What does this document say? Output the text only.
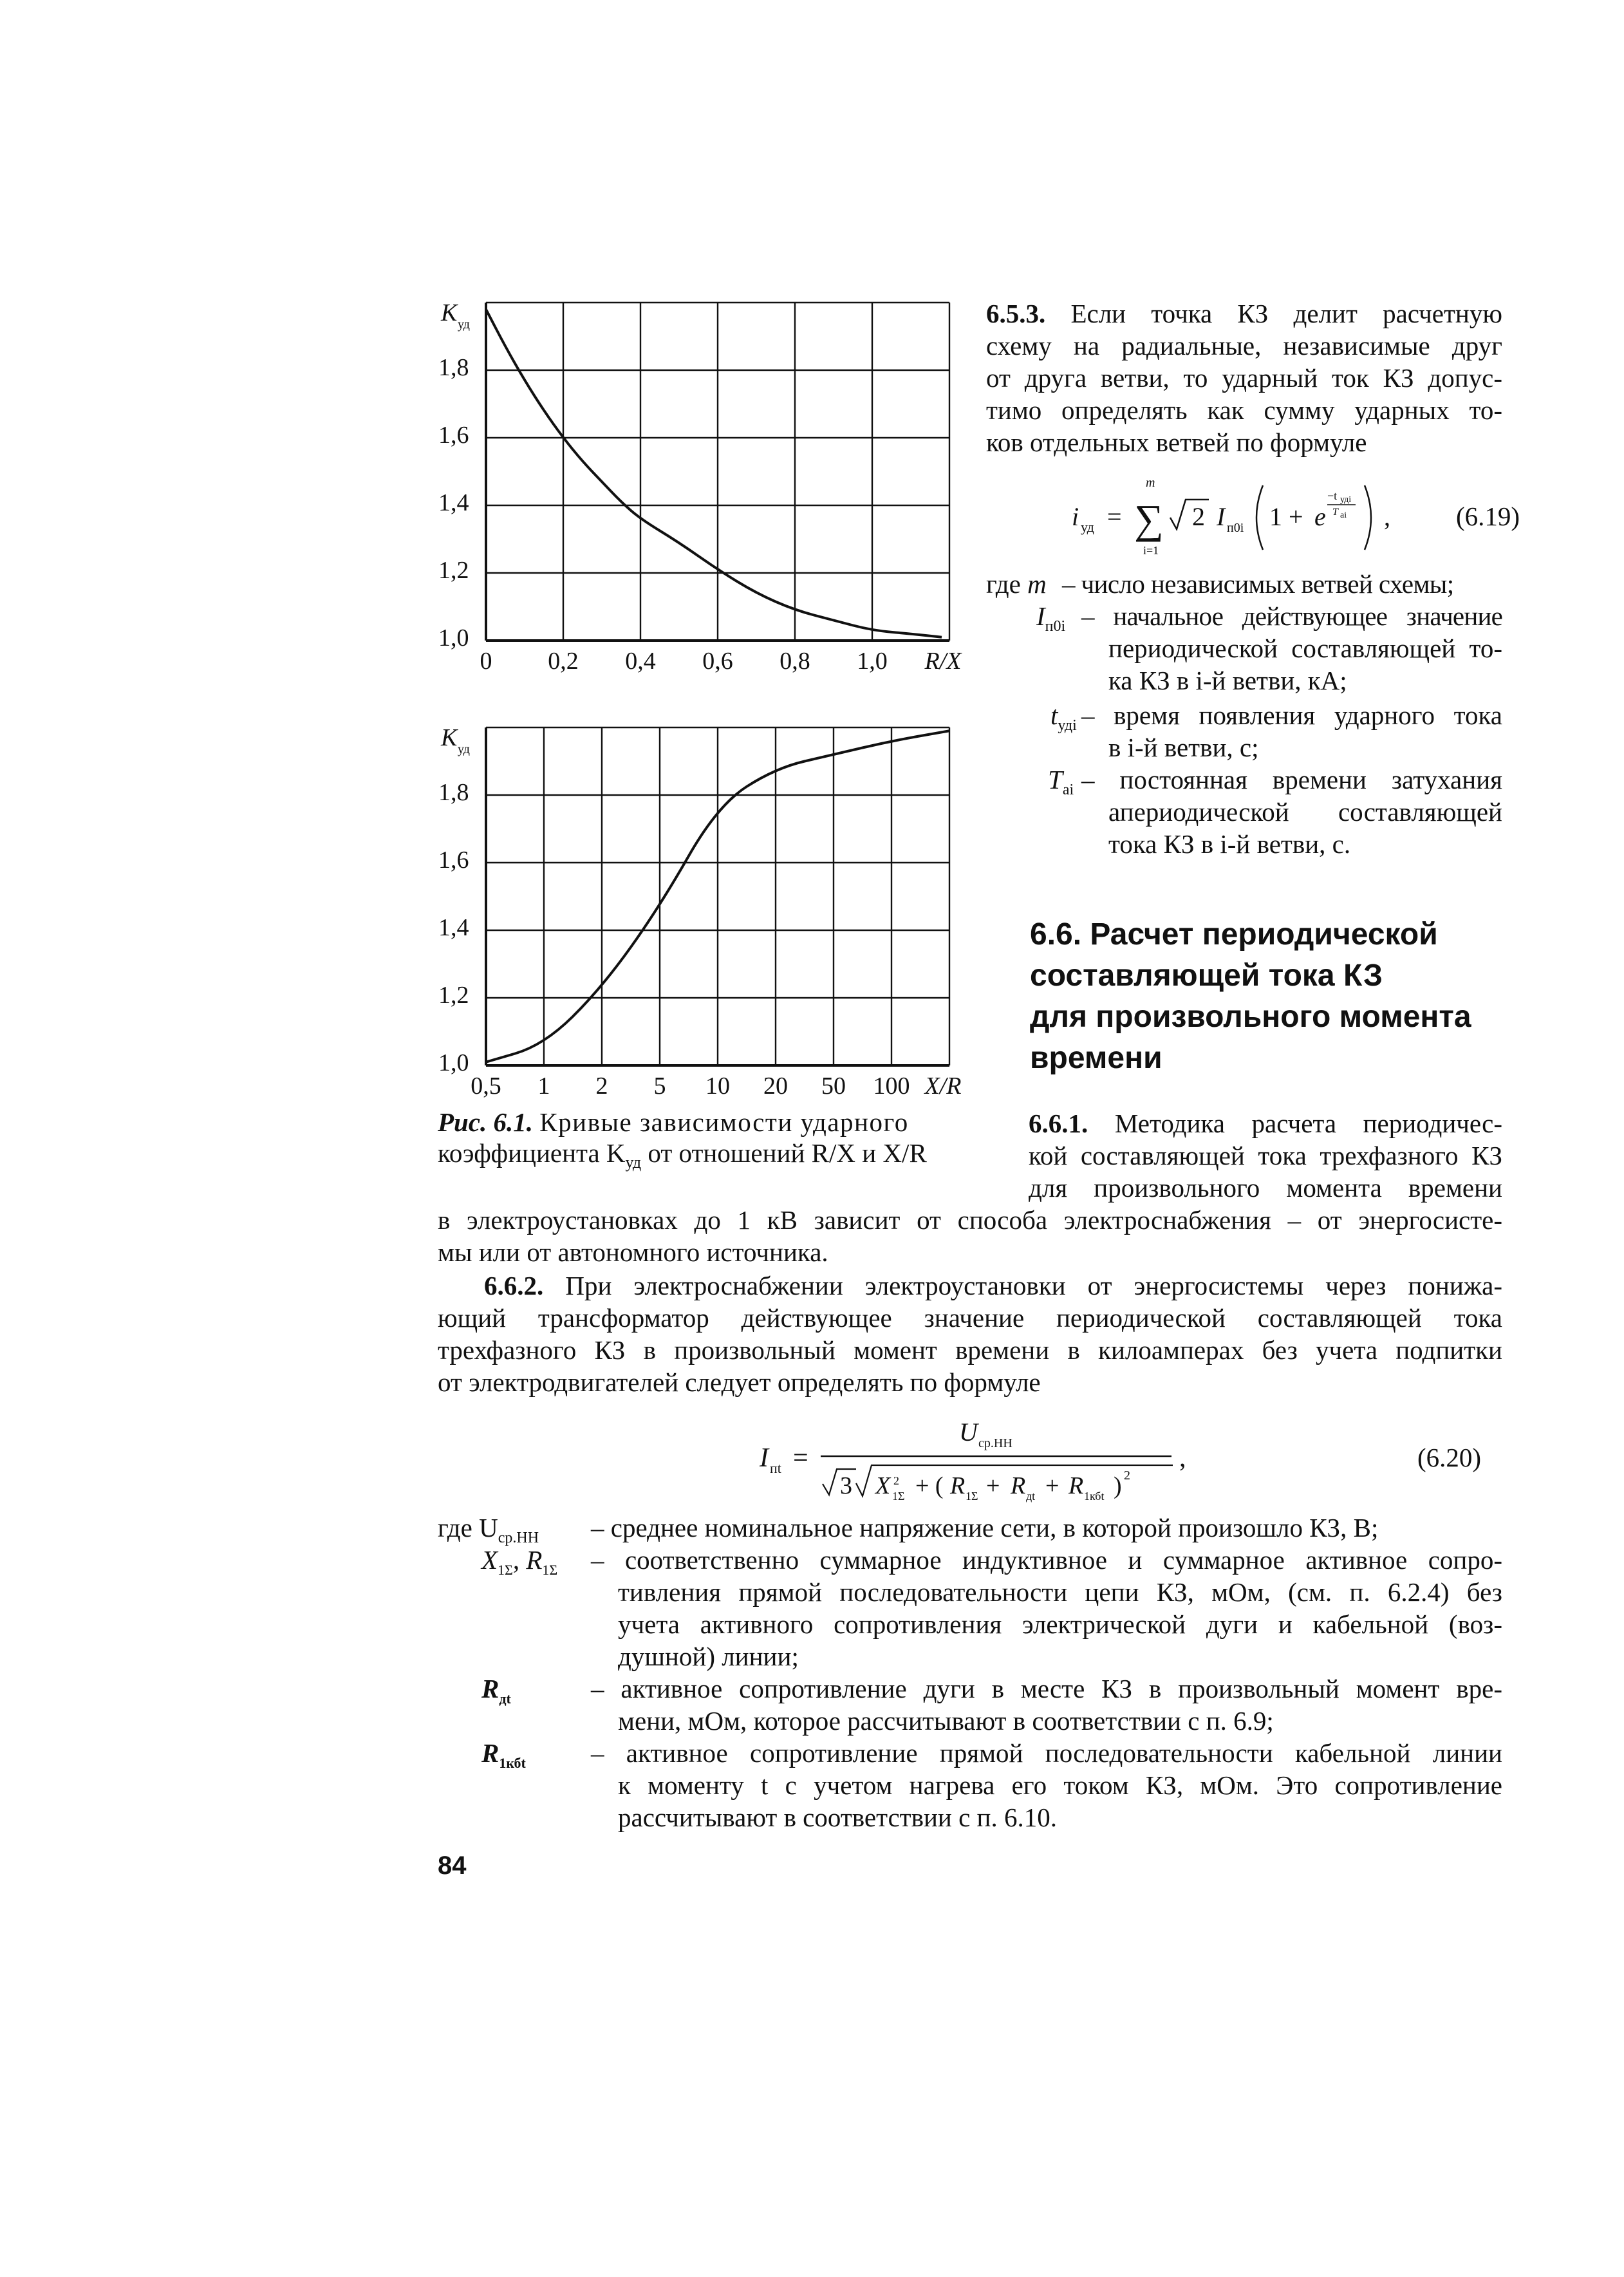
1,0
1,2
1,4
1,6
1,8
K уд
0 0,2 0,4 0,6 0,8 1,0 R/X
1,0
1,2
1,4
1,6
1,8
K уд
0,5 1 2 5 10 20 50 100 X/R
Рис. 6.1. Кривые зависимости ударного
коэффициента $K_{уд}$ от отношений R/X и X/R
6.5.3. Если точка КЗ делит расчетную
схему на радиальные, независимые друг
от друга ветви, то ударный ток КЗ допус-
тимо определять как сумму ударных то-
ков отдельных ветвей по формуле
i уд = ∑
m
i=1
2 I п0i 1 + e
−t удi
T ai , (6.19)
где m – число независимых ветвей схемы;
$I_{п0i}$ – начальное действующее значение
периодической составляющей то-
ка КЗ в i-й ветви, кА;
$t_{удi}$ – время появления ударного тока
в i-й ветви, с;
$T_{ai}$ – постоянная времени затухания
апериодической составляющей
тока КЗ в i-й ветви, с.
6.6. Расчет периодической
составляющей тока КЗ
для произвольного момента
времени
6.6.1. Методика расчета периодичес-
кой составляющей тока трехфазного КЗ
для произвольного момента времени
в электроустановках до 1 кВ зависит от способа электроснабжения – от энергосисте-
мы или от автономного источника.
6.6.2. При электроснабжении электроустановки от энергосистемы через понижа-
ющий трансформатор действующее значение периодической составляющей тока
трехфазного КЗ в произвольный момент времени в килоамперах без учета подпитки
от электродвигателей следует определять по формуле
I пt =
U ср.НН
3 X 2
1Σ + ( R 1Σ + R дt + R 1кбt ) 2
,	(6.20)
где $U_{ср.НН}$ – среднее номинальное напряжение сети, в которой произошло КЗ, В;
$X_{1\Sigma}$, $R_{1\Sigma}$ – соответственно суммарное индуктивное и суммарное активное сопро-
тивления прямой последовательности цепи КЗ, мОм, (см. п. 6.2.4) без
учета активного сопротивления электрической дуги и кабельной (воз-
душной) линии;
$R_{дt}$	– активное сопротивление дуги в месте КЗ в произвольный момент вре-
мени, мОм, которое рассчитывают в соответствии с п. 6.9;
$R_{1кбt}$ – активное сопротивление прямой последовательности кабельной линии
к моменту t с учетом нагрева его током КЗ, мОм. Это сопротивление
рассчитывают в соответствии с п. 6.10.
84
